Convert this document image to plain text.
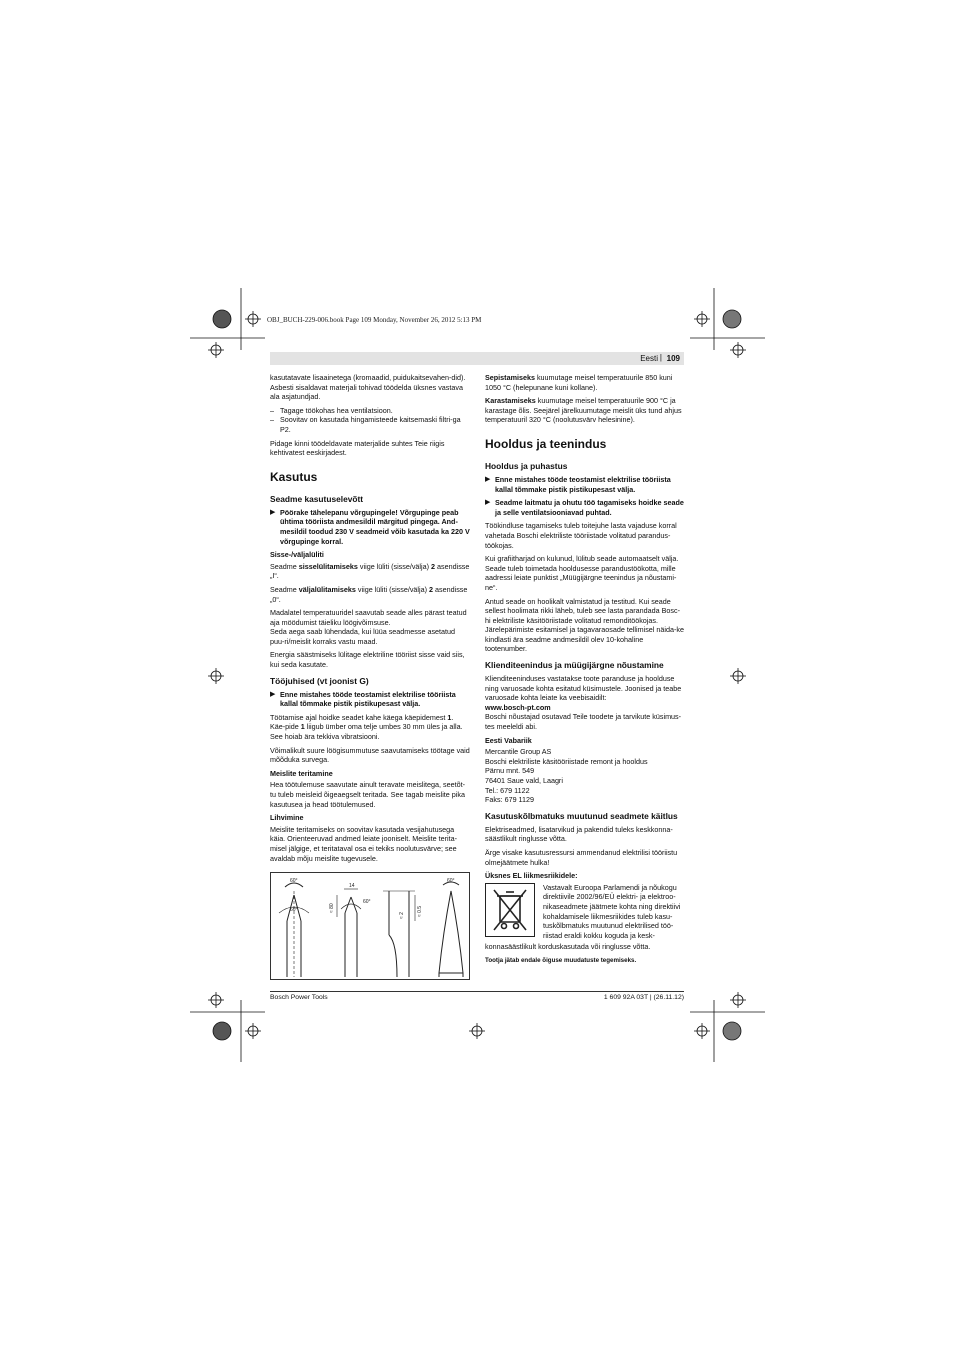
OBJ_BUCH-229-006.book Page 109 Monday, November 26, 2012 5:13 PM
Eesti | 109

kasutatavate lisaainetega (kromaadid, puidukaitsevahen-did). Asbesti sisaldavat materjali tohivad töödelda üksnes vastava ala asjatundjad.

– Tagage töökohas hea ventilatsioon.
– Soovitav on kasutada hingamisteede kaitsemaski filtri-ga P2.

Pidage kinni töödeldavate materjalide suhtes Teie riigis kehtivatest eeskirjadest.

Kasutus
Seadme kasutuselevõtt
▶ Pöörake tähelepanu võrgupingele! Võrgupinge peab ühtima tööriista andmesildil märgitud pingega. And-mesildil toodud 230 V seadmeid võib kasutada ka 220 V võrgupinge korral.
Sisse-/väljalüliti

Seadme sisselülitamiseks viige lüliti (sisse/välja) 2 asendisse „I“.

Seadme väljalülitamiseks viige lüliti (sisse/välja) 2 asendisse „0“.

Madalatel temperatuuridel saavutab seade alles pärast teatud aja möödumist täieliku löögivõimsuse.

Seda aega saab lühendada, kui lüüa seadmesse asetatud puu-ri/meislit korraks vastu maad.

Energia säästmiseks lülitage elektriline tööriist sisse vaid siis, kui seda kasutate.

Tööjuhised (vt joonist G)
▶ Enne mistahes tööde teostamist elektrilise tööriista kallal tõmmake pistik pistikupesast välja.

Töötamise ajal hoidke seadet kahe käega käepidemest 1. Käe-pide 1 liigub ümber oma telje umbes 30 mm üles ja alla. See hoiab ära tekkiva vibratsiooni.

Võimalikult suure löögisummutuse saavutamiseks töötage vaid mõõduka survega.

Meislite teritamine

Hea töötulemuse saavutate ainult teravate meislitega, seetõt-tu tuleb meisleid õigeaegselt teritada. See tagab meislite pika kasutusea ja head töötulemused.

Lihvimine

Meislite teritamiseks on soovitav kasutada vesijahutusega käia. Orienteeruvad andmed leiate jooniselt. Meislite terita-misel jälgige, et teritataval osa ei tekiks noolutusvärve; see avaldab mõju meislite tugevusele.

60°
60°
14
60°
60°
≈ 80
≈ 2 ≈ 0.5

Sepistamiseks kuumutage meisel temperatuurile 850 kuni 1050 °C (helepunane kuni kollane).

Karastamiseks kuumutage meisel temperatuurile 900 °C ja karastage õlis. Seejärel järelkuumutage meislit üks tund ahjus temperatuuril 320 °C (noolutusvärv helesinine).

Hooldus ja teenindus
Hooldus ja puhastus
▶ Enne mistahes tööde teostamist elektrilise tööriista kallal tõmmake pistik pistikupesast välja.
▶ Seadme laitmatu ja ohutu töö tagamiseks hoidke seade ja selle ventilatsiooniavad puhtad.

Töökindluse tagamiseks tuleb toitejuhe lasta vajaduse korral vahetada Boschi elektriliste tööriistade volitatud parandus-töökojas.

Kui grafiitharjad on kulunud, lülitub seade automaatselt välja. Seade tuleb toimetada hooldusesse parandustöökotta, mille aadressi leiate punktist „Müügijärgne teenindus ja nõustami-ne“.

Antud seade on hoolikalt valmistatud ja testitud. Kui seade sellest hoolimata rikki läheb, tuleb see lasta parandada Bosc-hi elektriliste käsitööriistade volitatud remonditöökojas.

Järelepärimiste esitamisel ja tagavaraosade tellimisel näida-ke kindlasti ära seadme andmesildil olev 10-kohaline tootenumber.

Klienditeenindus ja müügijärgne nõustamine

Klienditeeninduses vastatakse toote paranduse ja hoolduse ning varuosade kohta esitatud küsimustele. Joonised ja teabe varuosade kohta leiate ka veebisaidilt:

www.bosch-pt.com

Boschi nõustajad osutavad Teile toodete ja tarvikute küsimus-tes meeleldi abi.

Eesti Vabariik
Mercantile Group AS
Boschi elektriliste käsitööriistade remont ja hooldus
Pärnu mnt. 549
76401 Saue vald, Laagri
Tel.: 679 1122
Faks: 679 1129
Kasutuskõlbmatuks muutunud seadmete käitlus

Elektriseadmed, lisatarvikud ja pakendid tuleks keskkonna-säästlikult ringlusse võtta.

Ärge visake kasutusressursi ammendanud elektrilisi tööriistu olmejäätmete hulka!

Üksnes EL liikmesriikidele:
Vastavalt Euroopa Parlamendi ja nõukogu direktiivile 2002/96/EÜ elektri- ja elektroo-nikaseadmete jäätmete kohta ning direktiivi kohaldamisele liikmesriikides tuleb kasu-tuskõlbmatuks muutunud elektrilised töö-riistad eraldi kokku koguda ja kesk-

konnasäästlikult korduskasutada või ringlusse võtta.

Tootja jätab endale õiguse muudatuste tegemiseks.

Bosch Power Tools	1 609 92A 03T | (26.11.12)
